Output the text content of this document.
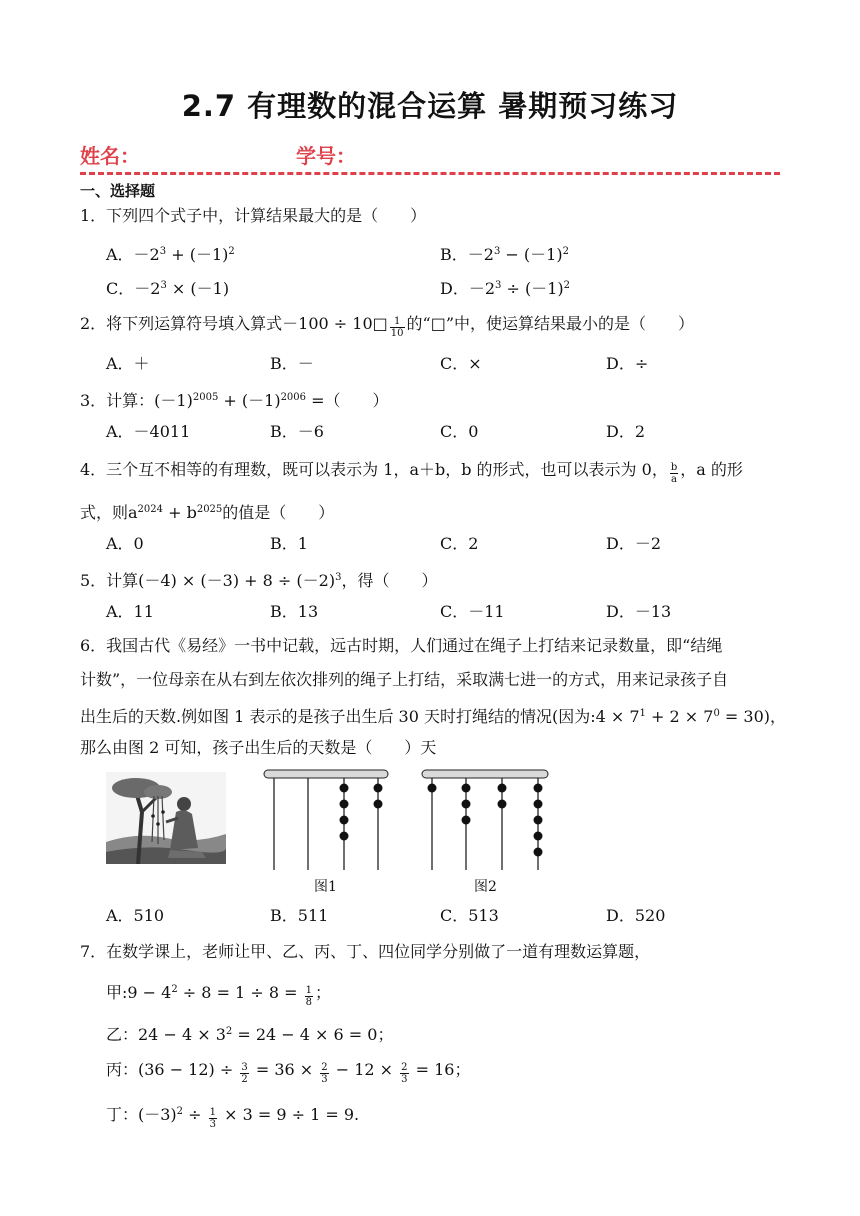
2.7 有理数的混合运算 暑期预习练习
姓名：	学号：
一、选择题
1．下列四个式子中，计算结果最大的是（　　）
A．$-2^3 + (-1)^2$	B．$-2^3 - (-1)^2$
C．$-2^3 \times (-1)$	D．$-2^3 \div (-1)^2$
2．将下列运算符号填入算式－100 ÷ 10□ $\frac{1}{10}$ 的“□”中，使运算结果最小的是（　　）
A．＋	B．－	C．×	D．÷
3．计算：$(-1)^{2005} + (-1)^{2006}$ =（　　）
A．－4011	B．－6	C．0	D．2
4．三个互不相等的有理数，既可以表示为 1，a＋b，b 的形式，也可以表示为 0， $\frac{b}{a}$ ，a 的形
式，则$a^{2024} + b^{2025}$的值是（　　）
A．0	B．1	C．2	D．－2
5．计算$(-4) \times (-3) + 8 \div (-2)^3$，得（　　）
A．11	B．13	C．－11	D．－13
6．我国古代《易经》一书中记载，远古时期，人们通过在绳子上打结来记录数量，即“结绳
计数”，一位母亲在从右到左依次排列的绳子上打结，采取满七进一的方式，用来记录孩子自
出生后的天数.例如图 1 表示的是孩子出生后 30 天时打绳结的情况(因为:4 × $7^1 + 2 \times 7^0 = 30$)，
那么由图 2 可知，孩子出生后的天数是（　　）天
图1	图2
A．510	B．511	C．513	D．520
7．在数学课上，老师让甲、乙、丙、丁、四位同学分别做了一道有理数运算题，
甲:9 − $4^2 \div 8 = 1 \div 8 = \frac{1}{8}$ ；
乙：$24 - 4 \times 3^2 = 24 - 4 \times 6 = 0$；
丙：$(36 - 12) \div \frac{3}{2} = 36 \times \frac{2}{3} - 12 \times \frac{2}{3} = 16$；
丁：$(-3)^2 \div \frac{1}{3} \times 3 = 9 \div 1 = 9$.
